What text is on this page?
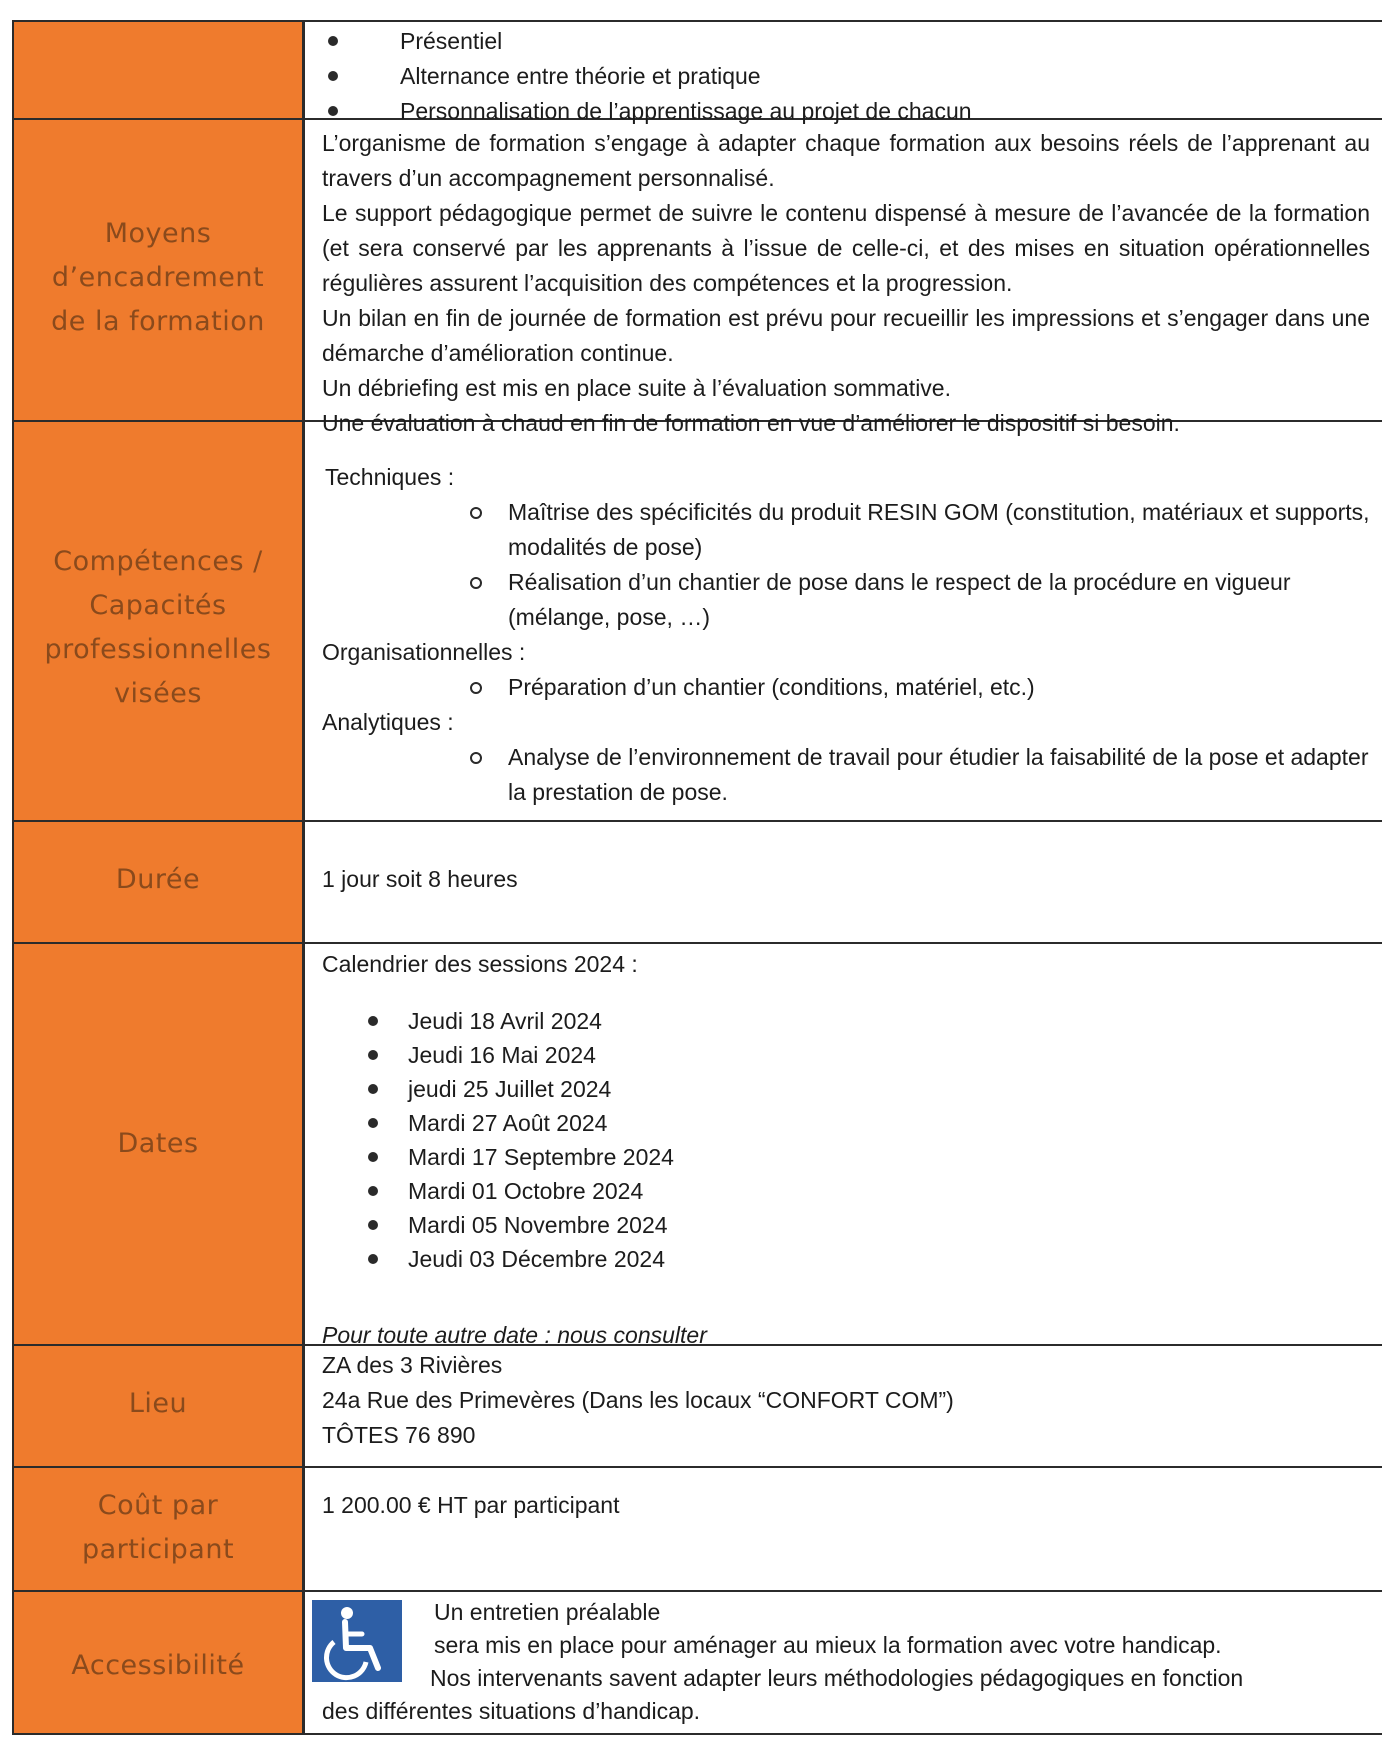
Présentiel
Alternance entre théorie et pratique
Personnalisation de l’apprentissage au projet de chacun
Moyens
d’encadrement
de la formation
L’organisme de formation s’engage à adapter chaque formation aux besoins réels de l’apprenant au travers d’un accompagnement personnalisé.
Le support pédagogique permet de suivre le contenu dispensé à mesure de l’avancée de la formation (et sera conservé par les apprenants à l’issue de celle-ci, et des mises en situation opérationnelles régulières assurent l’acquisition des compétences et la progression.
Un bilan en fin de journée de formation est prévu pour recueillir les impressions et s’engager dans une démarche d’amélioration continue.
Un débriefing est mis en place suite à l’évaluation sommative.
Une évaluation à chaud en fin de formation en vue d’améliorer le dispositif si besoin.
Compétences /
Capacités
professionnelles
visées
Techniques :
Maîtrise des spécificités du produit RESIN GOM (constitution, matériaux et supports, modalités de pose)
Réalisation d’un chantier de pose dans le respect de la procédure en vigueur (mélange, pose, …)
Organisationnelles :
Préparation d’un chantier (conditions, matériel, etc.)
Analytiques :
Analyse de l’environnement de travail pour étudier la faisabilité de la pose et adapter la prestation de pose.
Durée	1 jour soit 8 heures
Dates
Calendrier des sessions 2024 :
Jeudi 18 Avril 2024
Jeudi 16 Mai 2024
jeudi 25 Juillet 2024
Mardi 27 Août 2024
Mardi 17 Septembre 2024
Mardi 01 Octobre 2024
Mardi 05 Novembre 2024
Jeudi 03 Décembre 2024
Pour toute autre date : nous consulter
Lieu
ZA des 3 Rivières
24a Rue des Primevères (Dans les locaux “CONFORT COM”)
TÔTES 76 890
Coût par
participant
1 200.00 € HT par participant
Accessibilité
Un entretien préalable
sera mis en place pour aménager au mieux la formation avec votre handicap.
Nos intervenants savent adapter leurs méthodologies pédagogiques en fonction
des différentes situations d’handicap.
